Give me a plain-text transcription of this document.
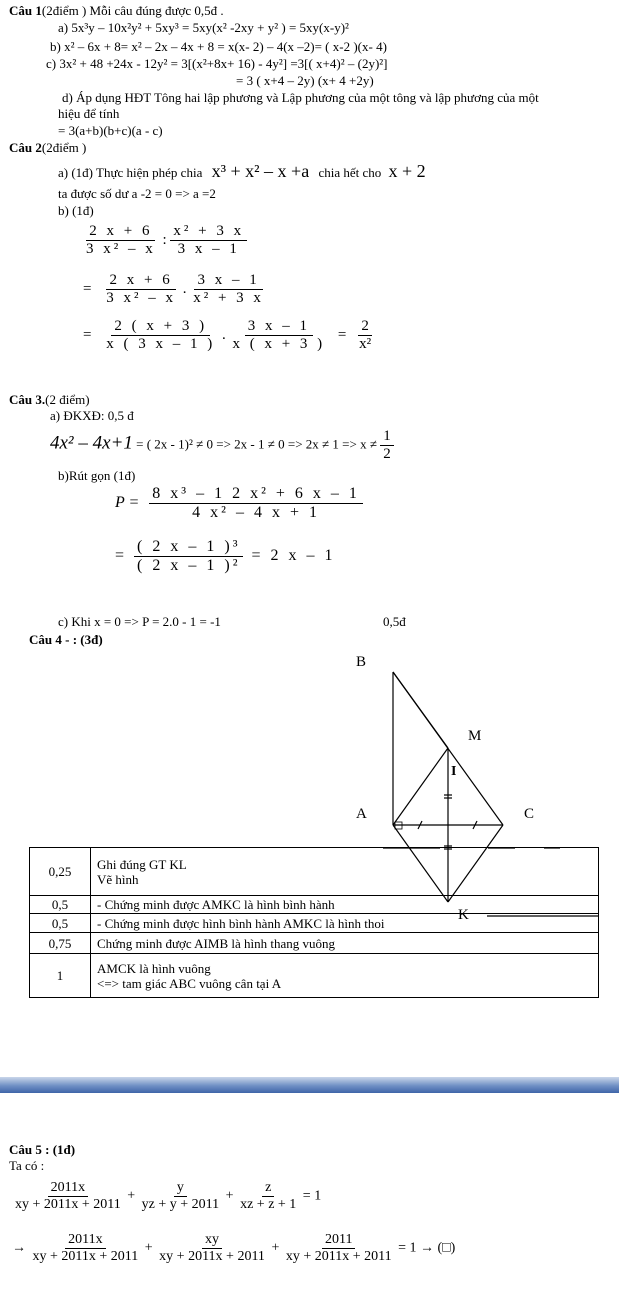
Câu 1(2điểm ) Mỗi câu đúng được 0,5đ .
a) 5x³y – 10x²y² + 5xy³ = 5xy(x² -2xy + y² ) = 5xy(x-y)²
b) x² – 6x + 8= x² – 2x – 4x + 8 = x(x- 2) – 4(x –2)= ( x-2 )(x- 4)
c) 3x² + 48 +24x - 12y² = 3[(x²+8x+ 16) - 4y²] =3[( x+4)² – (2y)²]
= 3 ( x+4 – 2y) (x+ 4 +2y)
d) Áp dụng HĐT Tông hai lập phương và Lập phương của một tông và lập phương của một
hiệu để tính
= 3(a+b)(b+c)(a - c)
Câu 2(2điểm )
a) (1đ) Thực hiện phép chia x³ + x² – x +a chia hết cho x + 2
ta được số dư a -2 = 0 => a =2
b) (1đ)
$\frac{2 x + 6}{\text{3 x² – x}}$ : $\frac{\text{x² + 3 x}}{3 x - 1}$
= $\frac{2 x + 6}{\text{3 x² – x}}$ . $\frac{3 x - 1}{\text{x² + 3 x}}$
= $\frac{2 ( x + 3 )}{x ( 3 x - 1 )}$ . $\frac{3 x - 1}{x ( x + 3 )} = \frac{2}{\text{x²}}$
Câu 3.(2 điểm)
a) ĐKXĐ: 0,5 đ
4x² – 4x+1 = ( $2x - 1)^2 \ne 0 => 2x - 1 \ne 0 => 2x \ne 1 => x \ne \frac{1}{2}$
b)Rút gọn (1đ)
$P = \frac{\text{8 x³ – 1 2 x² + 6 x – 1}}{\text{4 x² – 4 x + 1}}$
= $\frac{\text{( 2 x – 1 )³}}{\text{( 2 x – 1 )²}} = 2$ x – 1
c) Khi x = 0 => P = 2.0 - 1 = -1	0,5đ
Câu 4 - : (3đ)
0,25	Ghi đúng GT KL
Vẽ hình

0,5	- Chứng minh được AMKC là hình bình hành
0,5	- Chứng minh được hình bình hành AMKC là hình thoi
0,75	Chứng minh được AIMB là hình thang vuông
1	AMCK là hình vuông
<=> tam giác ABC vuông cân tại A
B
M
I
A	C
K
Câu 5 : (1đ)
Ta có :
$\frac{2011x}{xy + 2011x + 2011} + \frac{y}{yz + y + 2011} + \frac{z}{xz + z + 1} = 1$
→ $\frac{2011x}{xy + 2011x + 2011} + \frac{xy}{xy + 2011x + 2011} + \frac{2011}{xy + 2011x + 2011} = 1$ → (□)
